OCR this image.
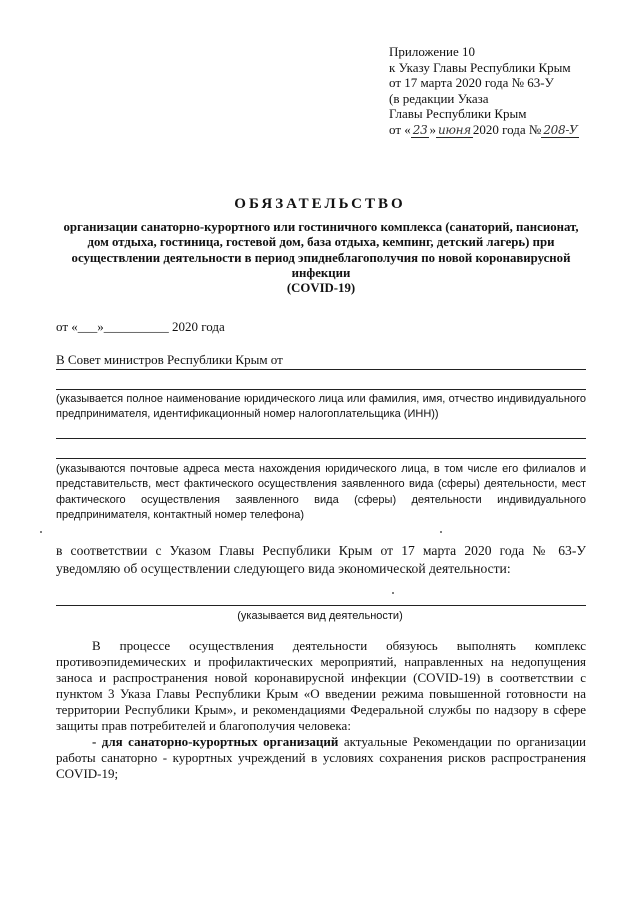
Приложение 10
к Указу Главы Республики Крым
от 17 марта 2020 года № 63-У
(в редакции Указа
Главы Республики Крым
от « 23 » июня 2020 года № 208-У
ОБЯЗАТЕЛЬСТВО
организации санаторно-курортного или гостиничного комплекса (санаторий, пансионат, дом отдыха, гостиница, гостевой дом, база отдыха, кемпинг, детский лагерь) при осуществлении деятельности в период эпиднеблагополучия по новой коронавирусной инфекции
(COVID-19)
от «___»__________ 2020 года
В Совет министров Республики Крым от
(указывается полное наименование юридического лица или фамилия, имя, отчество индивидуального предпринимателя, идентификационный номер налогоплательщика (ИНН))
(указываются почтовые адреса места нахождения юридического лица, в том числе его филиалов и представительств, мест фактического осуществления заявленного вида (сферы) деятельности, мест фактического осуществления заявленного вида (сферы) деятельности индивидуального предпринимателя, контактный номер телефона)
в соответствии с Указом Главы Республики Крым от 17 марта 2020 года № 63-У уведомляю об осуществлении следующего вида экономической деятельности:
(указывается вид деятельности)
В процессе осуществления деятельности обязуюсь выполнять комплекс противоэпидемических и профилактических мероприятий, направленных на недопущения заноса и распространения новой коронавирусной инфекции (COVID-19) в соответствии с пунктом 3 Указа Главы Республики Крым «О введении режима повышенной готовности на территории Республики Крым», и рекомендациями Федеральной службы по надзору в сфере защиты прав потребителей и благополучия человека:
- для санаторно-курортных организаций актуальные Рекомендации по организации работы санаторно - курортных учреждений в условиях сохранения рисков распространения COVID-19;
